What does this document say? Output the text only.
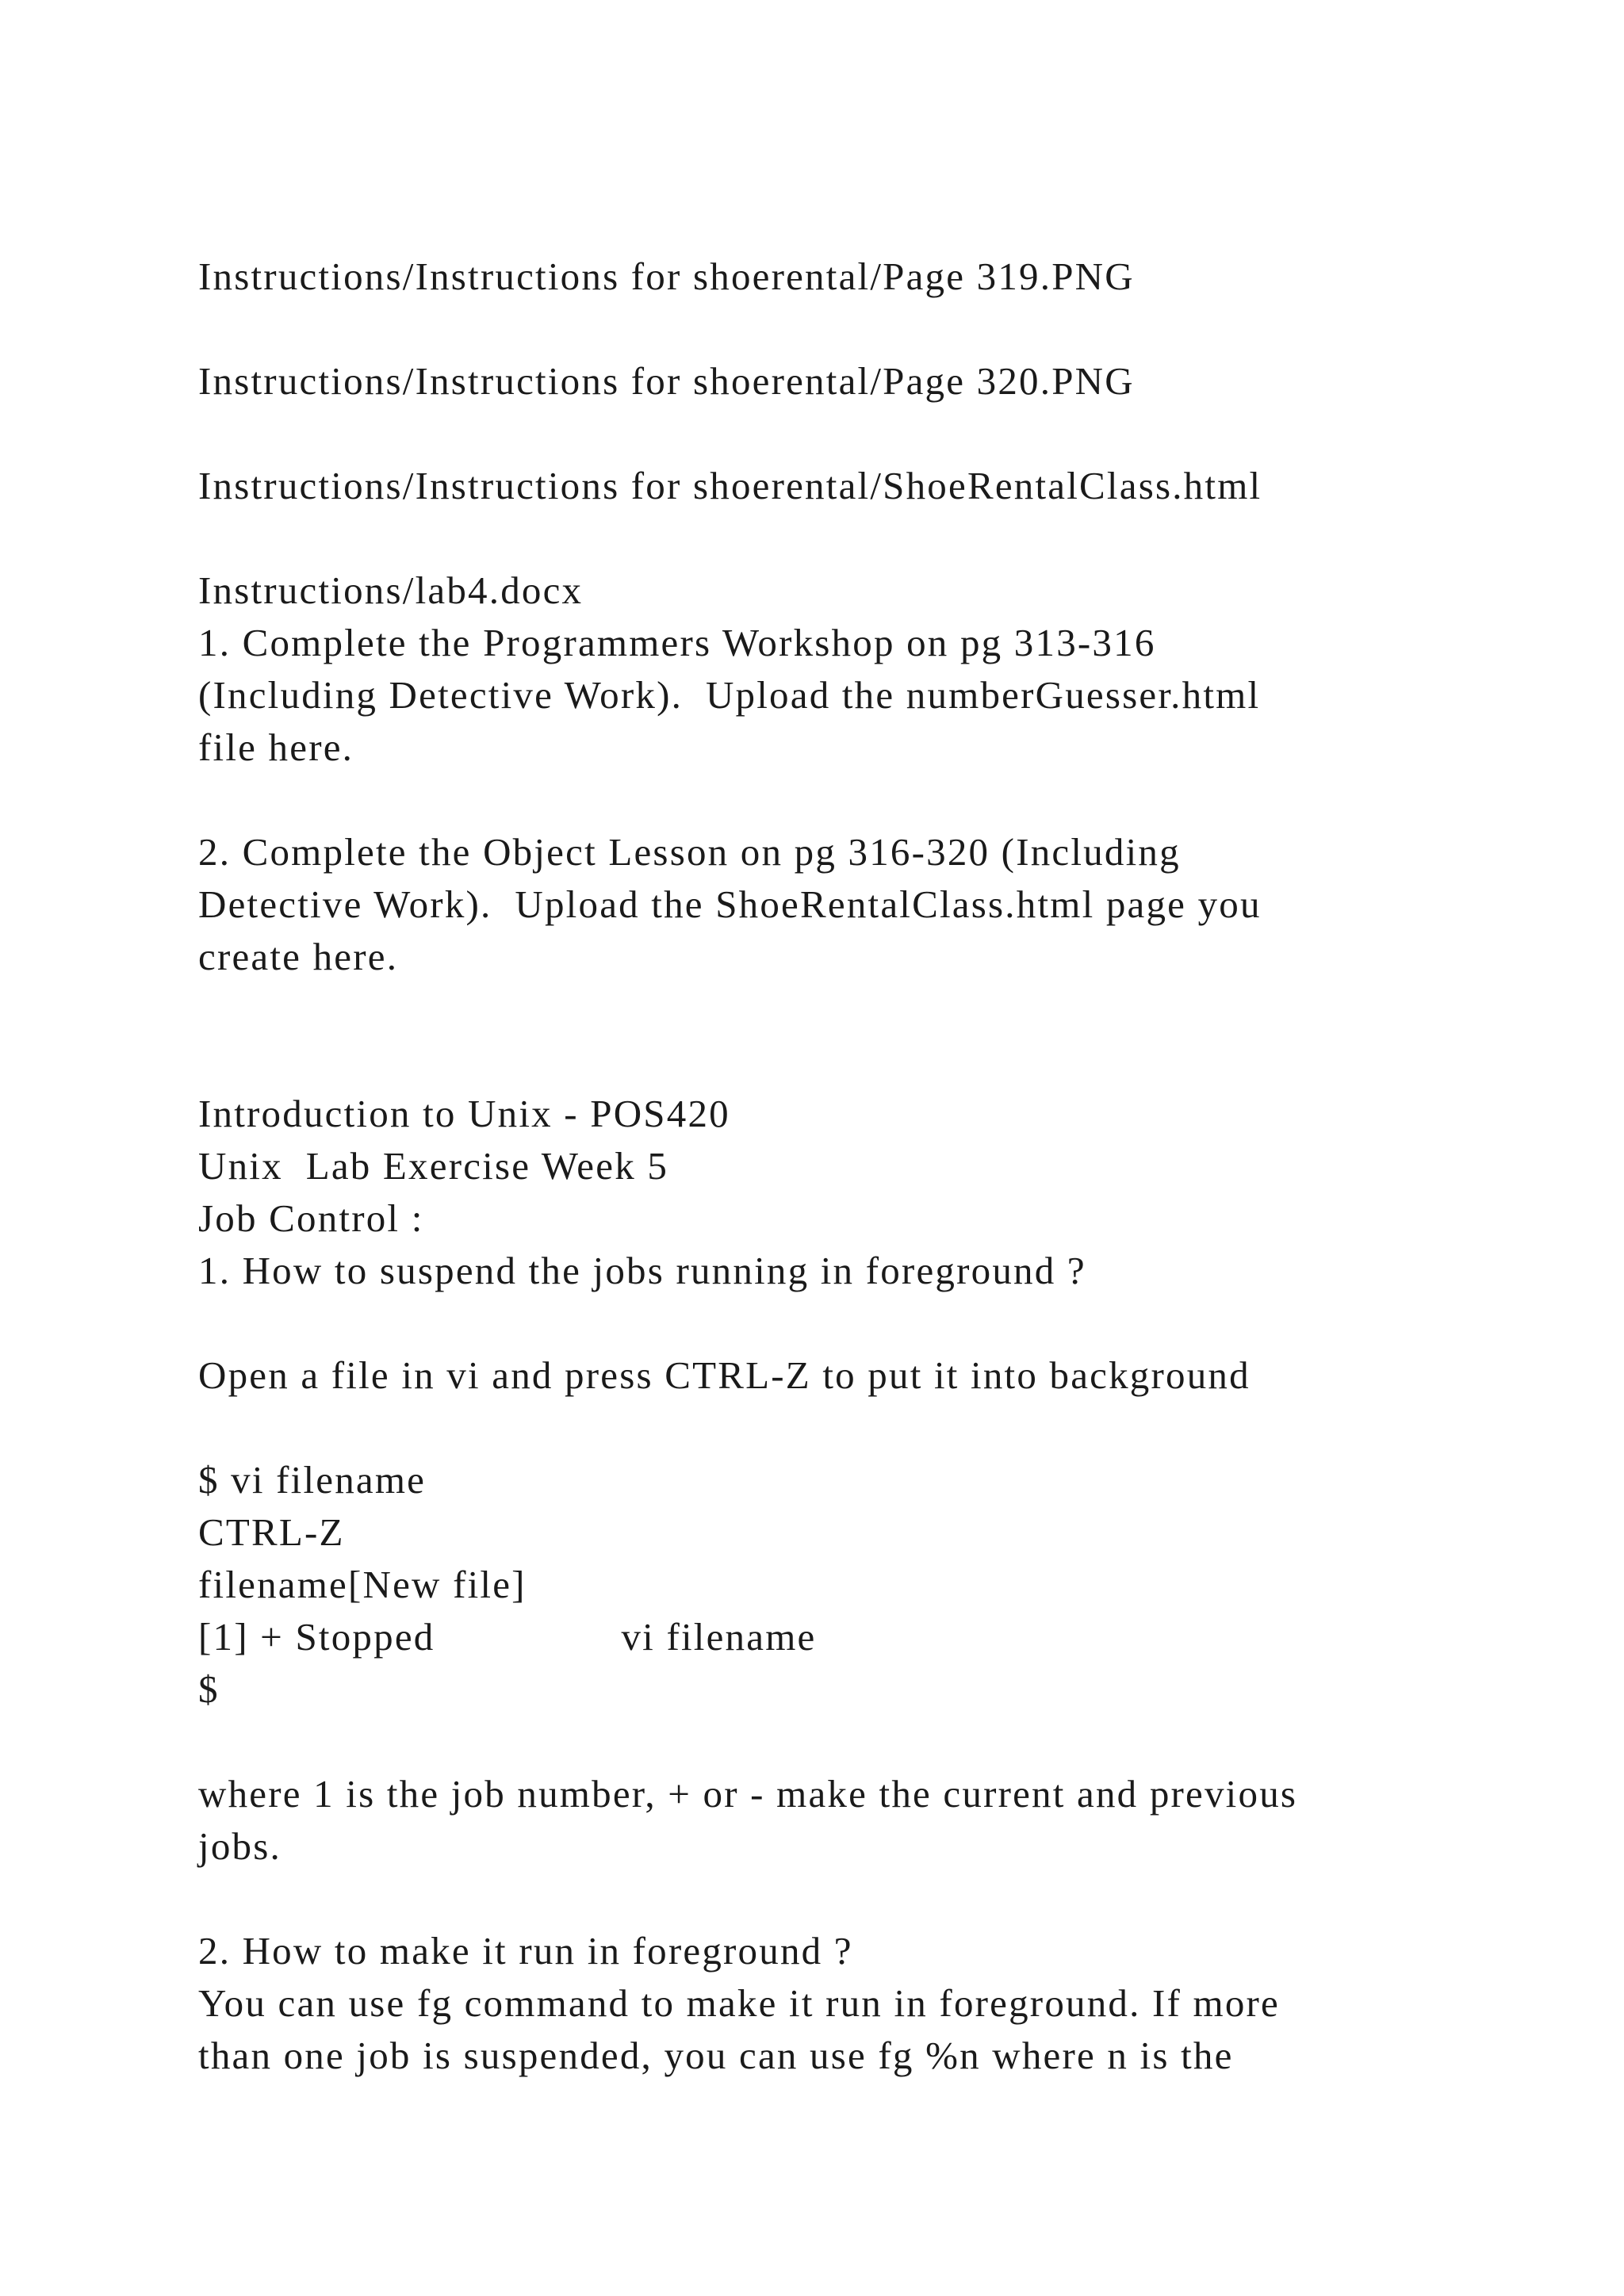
Instructions/Instructions for shoerental/Page 319.PNG
Instructions/Instructions for shoerental/Page 320.PNG
Instructions/Instructions for shoerental/ShoeRentalClass.html
Instructions/lab4.docx
1. Complete the Programmers Workshop on pg 313-316
(Including Detective Work).  Upload the numberGuesser.html
file here.
2. Complete the Object Lesson on pg 316-320 (Including
Detective Work).  Upload the ShoeRentalClass.html page you
create here.
Introduction to Unix - POS420
Unix  Lab Exercise Week 5
Job Control :
1. How to suspend the jobs running in foreground ?
Open a file in vi and press CTRL-Z to put it into background
$ vi filename
CTRL-Z
filename[New file]
[1] + Stopped	vi filename
$
where 1 is the job number, + or - make the current and previous
jobs.
2. How to make it run in foreground ?
You can use fg command to make it run in foreground. If more
than one job is suspended, you can use fg %n where n is the
